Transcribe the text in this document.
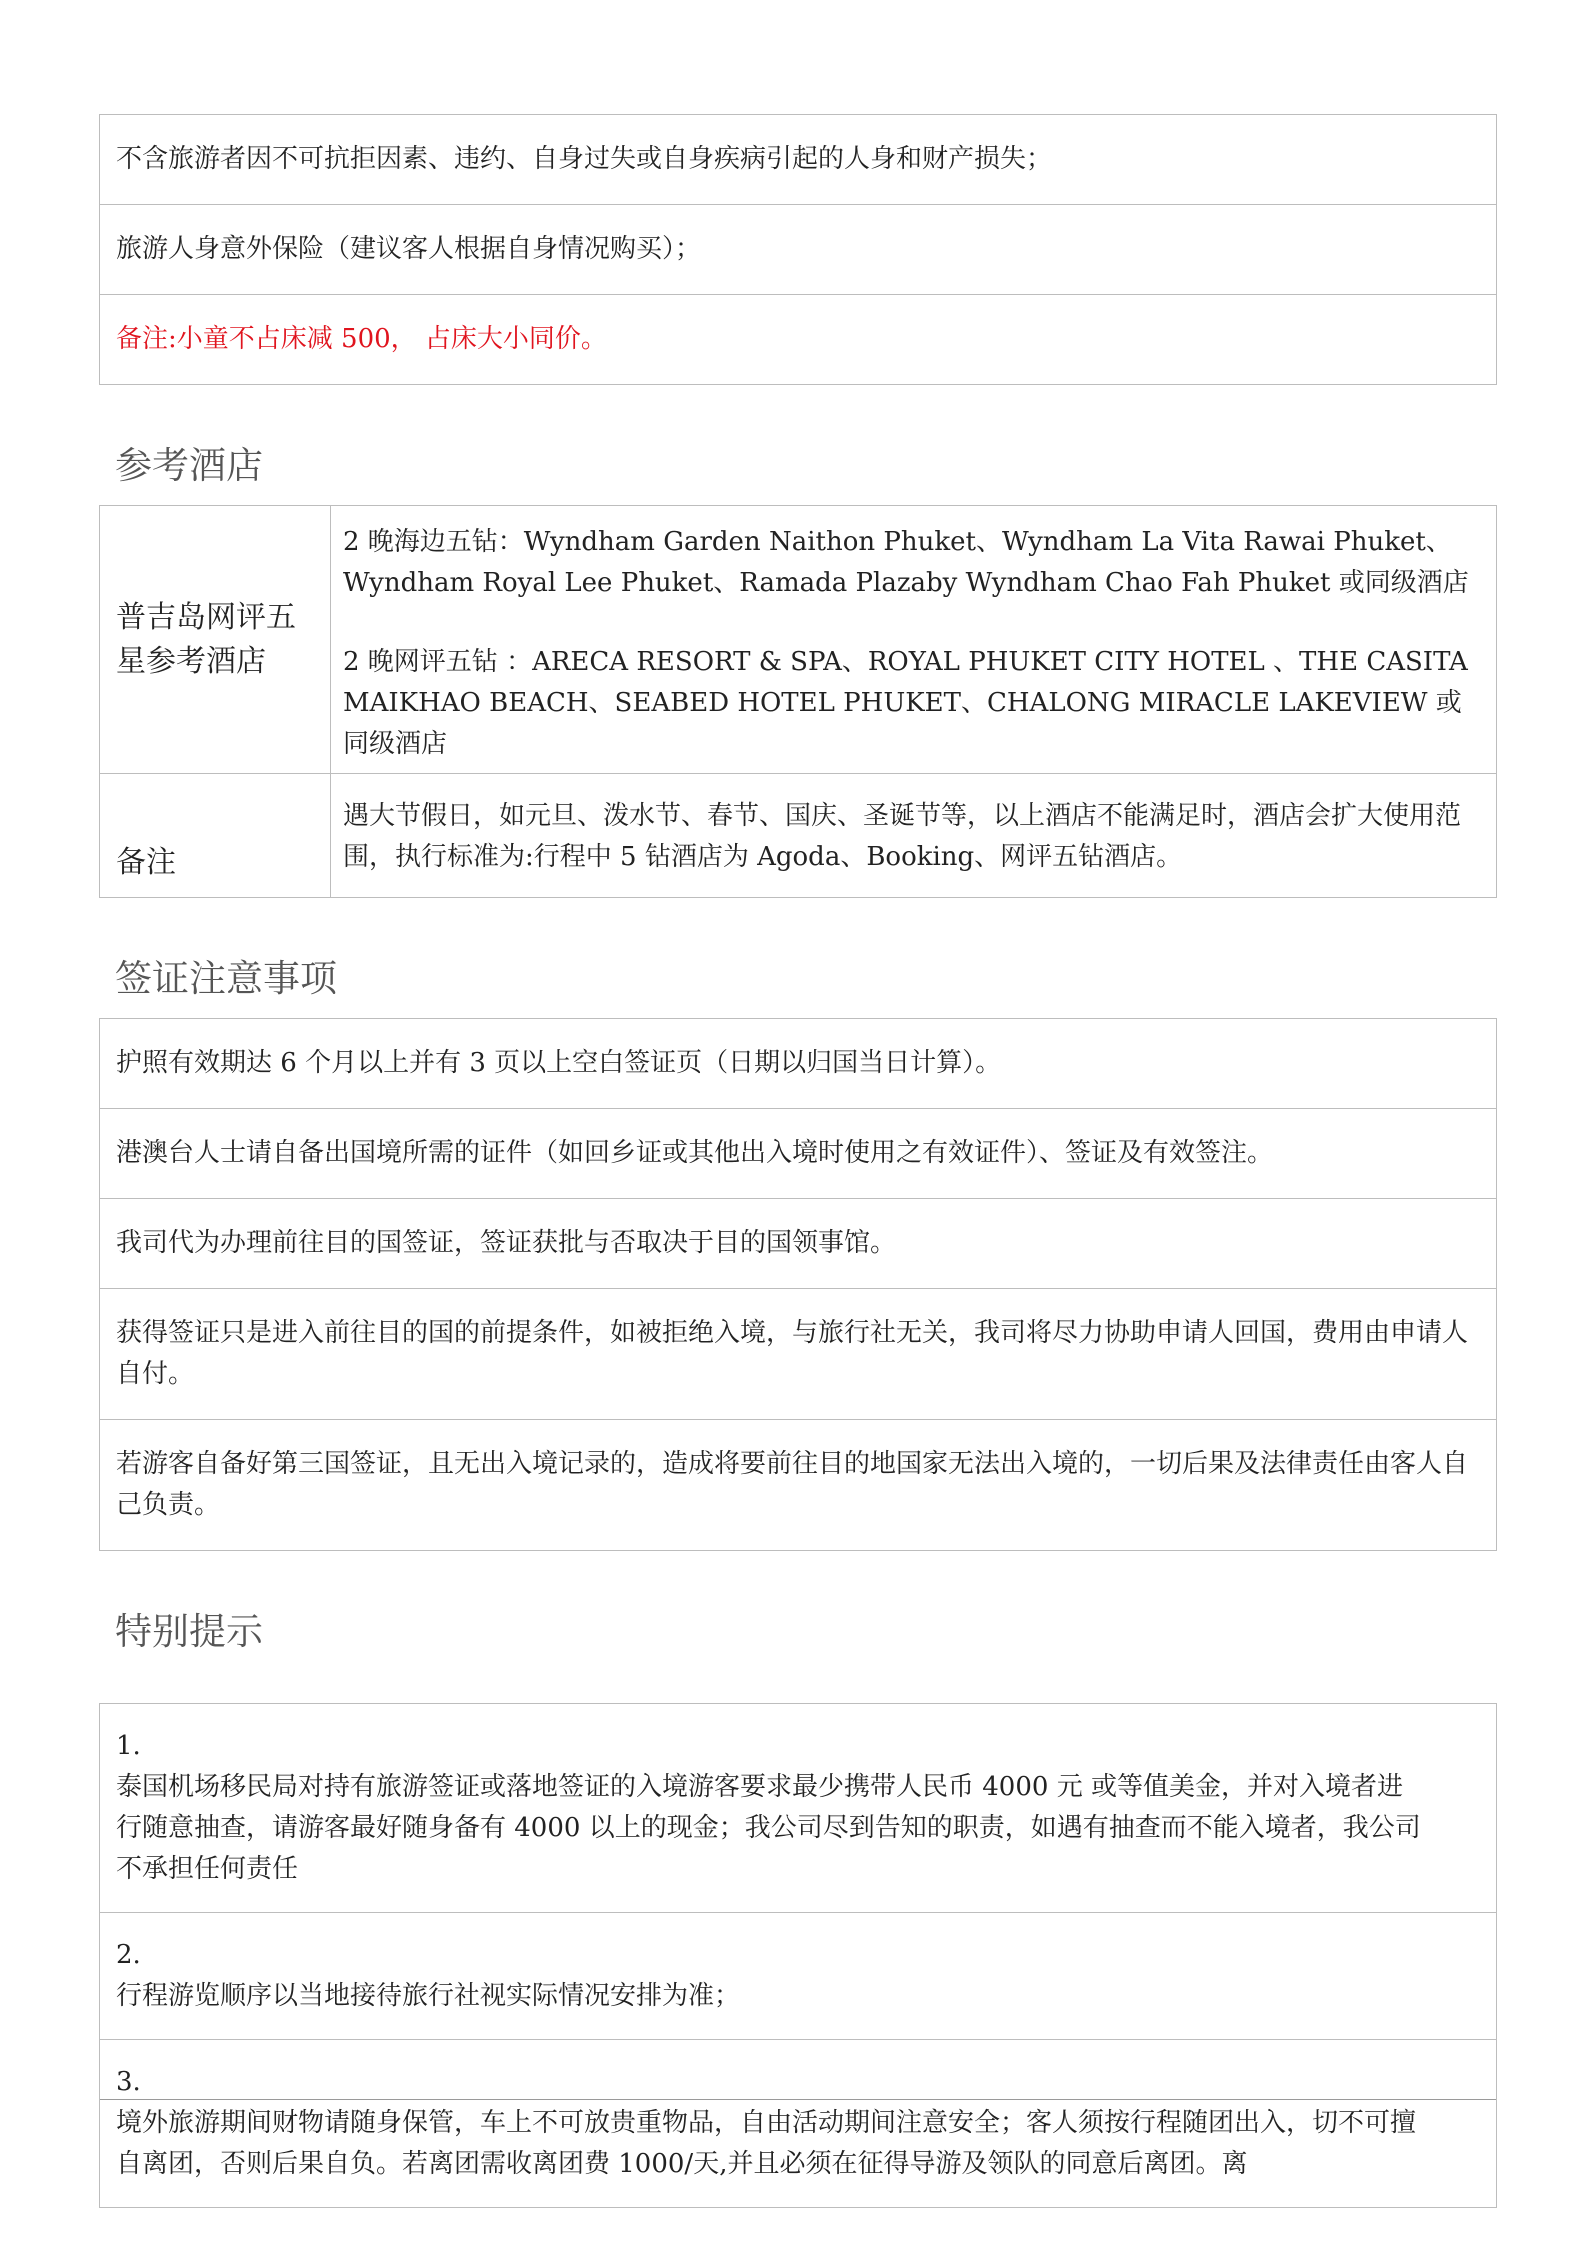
不含旅游者因不可抗拒因素、违约、自身过失或自身疾病引起的人身和财产损失；
旅游人身意外保险（建议客人根据自身情况购买）；
备注:小童不占床减 500， 占床大小同价。
参考酒店
普吉岛网评五星参考酒店	2 晚海边五钻：Wyndham Garden Naithon Phuket、Wyndham La Vita Rawai Phuket、Wyndham Royal Lee Phuket、Ramada Plazaby Wyndham Chao Fah Phuket 或同级酒店

2 晚网评五钻 ：ARECA RESORT & SPA、ROYAL PHUKET CITY HOTEL 、THE CASITA MAIKHAO BEACH、SEABED HOTEL PHUKET、CHALONG MIRACLE LAKEVIEW 或同级酒店

备注	遇大节假日，如元旦、泼水节、春节、国庆、圣诞节等，以上酒店不能满足时，酒店会扩大使用范围，执行标准为:行程中 5 钻酒店为 Agoda、Booking、网评五钻酒店。

签证注意事项
护照有效期达 6 个月以上并有 3 页以上空白签证页（日期以归国当日计算）。
港澳台人士请自备出国境所需的证件（如回乡证或其他出入境时使用之有效证件）、签证及有效签注。
我司代为办理前往目的国签证，签证获批与否取决于目的国领事馆。
获得签证只是进入前往目的国的前提条件，如被拒绝入境，与旅行社无关，我司将尽力协助申请人回国，费用由申请人自付。
若游客自备好第三国签证，且无出入境记录的，造成将要前往目的地国家无法出入境的，一切后果及法律责任由客人自己负责。
特别提示
1.泰国机场移民局对持有旅游签证或落地签证的入境游客要求最少携带人民币 4000 元 或等值美金，并对入境者进行随意抽查，请游客最好随身备有 4000 以上的现金；我公司尽到告知的职责，如遇有抽查而不能入境者，我公司不承担任何责任
2.行程游览顺序以当地接待旅行社视实际情况安排为准；
3.境外旅游期间财物请随身保管，车上不可放贵重物品，自由活动期间注意安全；客人须按行程随团出入，切不可擅自离团，否则后果自负。若离团需收离团费 1000/天,并且必须在征得导游及领队的同意后离团。离
